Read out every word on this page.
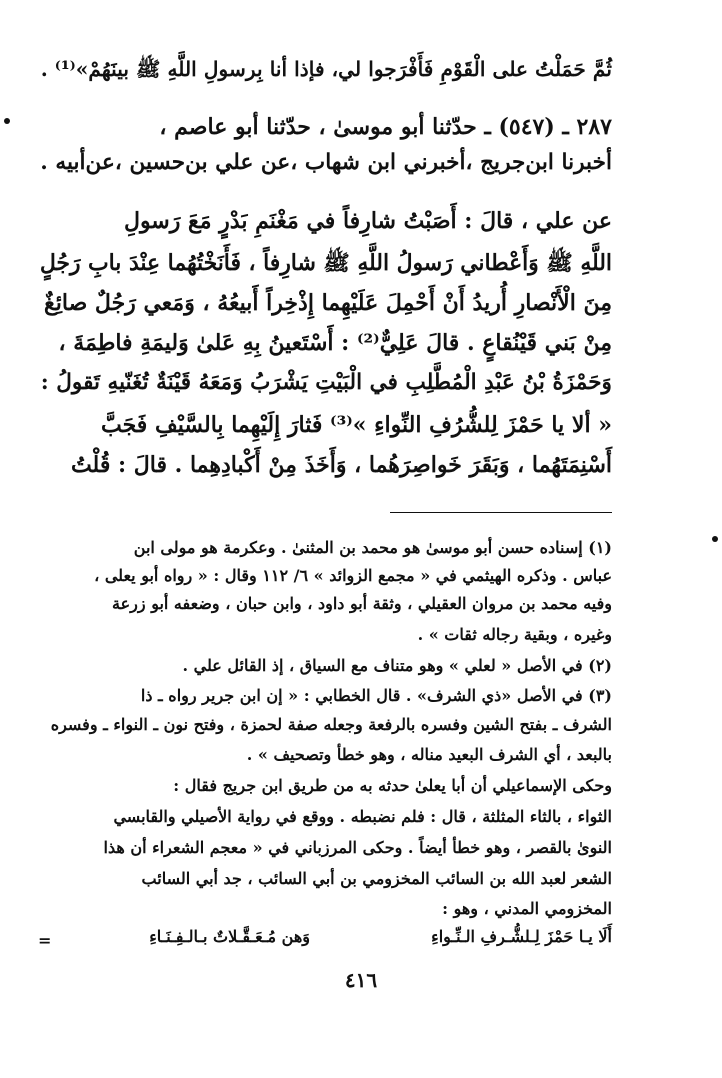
ثُمَّ حَمَلْتُ على الْقَوْمِ فَأَفْرَجوا لي، فإذا أنا بِرسولِ اللَّهِ ﷺ بينَهُمْ»⁽¹⁾ .
٢٨٧ ـ (٥٤٧) ـ حدّثنا أبو موسىٰ ، حدّثنا أبو عاصم ،
أخبرنا ابن‌جريج ،أخبرني ابن شهاب ،عن علي بن‌حسين ،عن‌أبيه .
عن علي ، قالَ : أَصَبْتُ شارِفاً في مَغْنَمِ بَدْرٍ مَعَ رَسولِ
اللَّهِ ﷺ وَأَعْطاني رَسولُ اللَّهِ ﷺ شارِفاً ، فَأَنَخْتُهُما عِنْدَ بابِ رَجُلٍ
مِنَ الْأَنْصارِ أُريدُ أَنْ أَحْمِلَ عَلَيْهِما إِذْخِراً أَبيعُهُ ، وَمَعي رَجُلٌ صائِغٌ
مِنْ بَني قَيْنُقاعٍ . قالَ عَلِيٌّ⁽²⁾ : أَسْتَعينُ بِهِ عَلىٰ وَليمَةِ فاطِمَةَ ،
وَحَمْزَةُ بْنُ عَبْدِ الْمُطَّلِبِ في الْبَيْتِ يَشْرَبُ وَمَعَهُ قَيْنَةٌ تُغَنّيهِ تَقولُ :
« ألا يا حَمْزَ لِلشُّرُفِ النِّواءِ »⁽³⁾ فَثارَ إِلَيْهِما بِالسَّيْفِ فَجَبَّ
أَسْنِمَتَهُما ، وَبَقَرَ خَواصِرَهُما ، وَأَخَذَ مِنْ أَكْبادِهِما . قالَ : قُلْتُ
(١) إسناده حسن أبو موسىٰ هو محمد بن المثنىٰ . وعكرمة هو مولى ابن
عباس . وذكره الهيثمي في « مجمع الزوائد » ٦/ ١١٢ وقال : « رواه أبو يعلى ،
وفيه محمد بن مروان العقيلي ، وثقة أبو داود ، وابن حبان ، وضعفه أبو زرعة
وغيره ، وبقية رجاله ثقات » .
(٢) في الأصل « لعلي » وهو متناف مع السياق ، إذ القائل علي .
(٣) في الأصل «ذي الشرف» . قال الخطابي : « إن ابن جرير رواه ـ ذا
الشرف ـ بفتح الشين وفسره بالرفعة وجعله صفة لحمزة ، وفتح نون ـ النواء ـ وفسره
بالبعد ، أي الشرف البعيد مناله ، وهو خطأ وتصحيف » .
وحكى الإسماعيلي أن أبا يعلىٰ حدثه به من طريق ابن جريج فقال :
الثواء ، بالثاء المثلثة ، قال : فلم نضبطه . ووقع في رواية الأصيلي والقابسي
النوىٰ بالقصر ، وهو خطأ أيضاً . وحكى المرزباني في « معجم الشعراء أن هذا
الشعر لعبد الله بن السائب المخزومي بن أبي السائب ، جد أبي السائب
المخزومي المدني ، وهو :
أَلَا يـا حَمْزَ لِـلشُّـرفِ الـنِّـواءِ
وَهن مُـعَـقَّـلاتٌ بـالـفِـنَـاءِ
=
٤١٦
